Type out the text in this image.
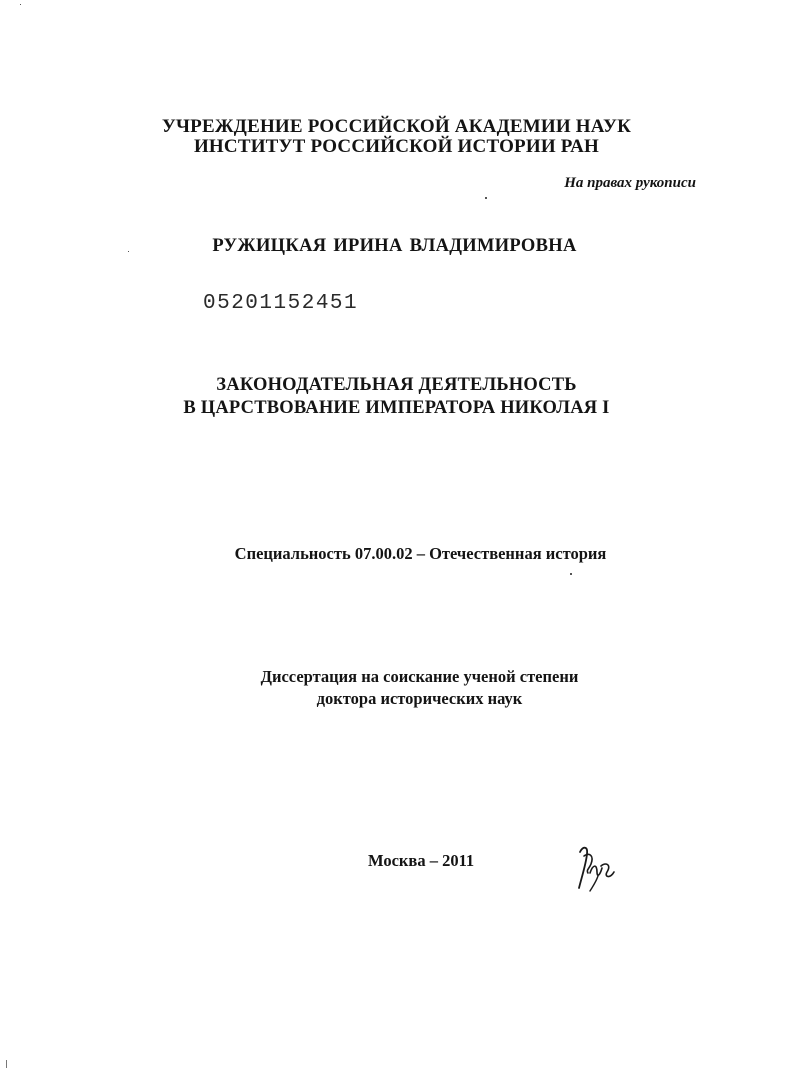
УЧРЕЖДЕНИЕ РОССИЙСКОЙ АКАДЕМИИ НАУК
ИНСТИТУТ РОССИЙСКОЙ ИСТОРИИ РАН
На правах рукописи
РУЖИЦКАЯ ИРИНА ВЛАДИМИРОВНА
05201152451
ЗАКОНОДАТЕЛЬНАЯ ДЕЯТЕЛЬНОСТЬ
В ЦАРСТВОВАНИЕ ИМПЕРАТОРА НИКОЛАЯ I
Специальность 07.00.02 – Отечественная история
Диссертация на соискание ученой степени
доктора исторических наук
Москва – 2011
